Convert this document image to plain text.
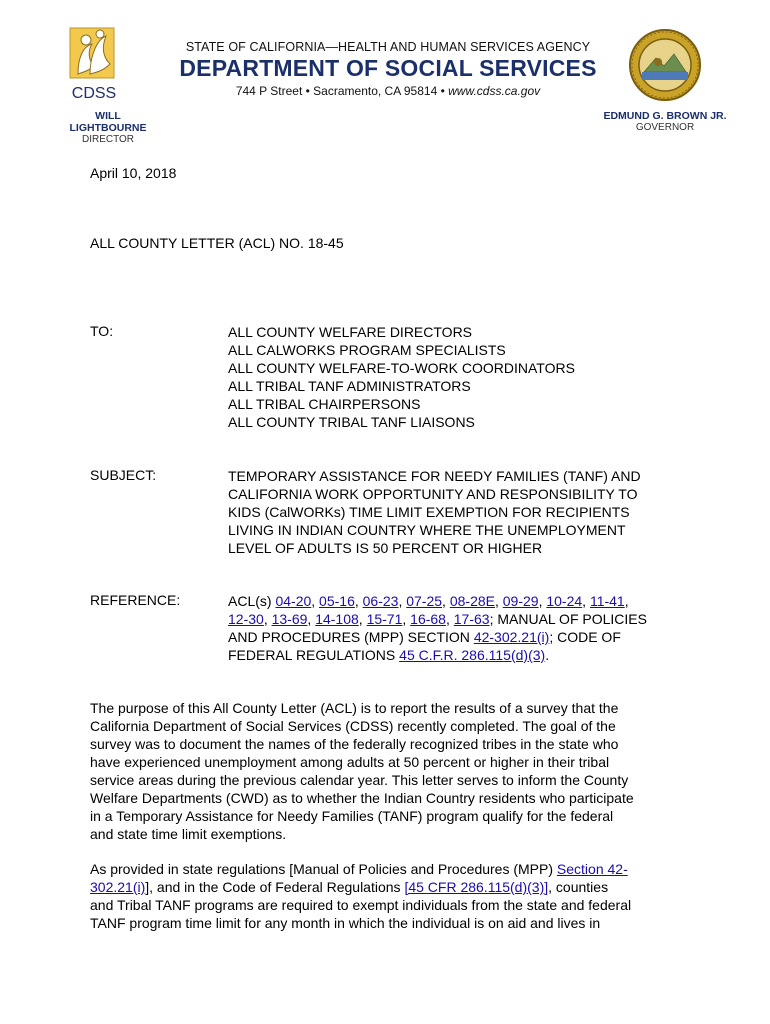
CDSS
STATE OF CALIFORNIA—HEALTH AND HUMAN SERVICES AGENCY
DEPARTMENT OF SOCIAL SERVICES
744 P Street • Sacramento, CA 95814 • www.cdss.ca.gov
WILL LIGHTBOURNE
DIRECTOR
EDMUND G. BROWN JR.
GOVERNOR
April 10, 2018
ALL COUNTY LETTER (ACL) NO. 18-45
TO:	ALL COUNTY WELFARE DIRECTORS
ALL CALWORKS PROGRAM SPECIALISTS
ALL COUNTY WELFARE-TO-WORK COORDINATORS
ALL TRIBAL TANF ADMINISTRATORS
ALL TRIBAL CHAIRPERSONS
ALL COUNTY TRIBAL TANF LIAISONS
SUBJECT:	TEMPORARY ASSISTANCE FOR NEEDY FAMILIES (TANF) AND
CALIFORNIA WORK OPPORTUNITY AND RESPONSIBILITY TO
KIDS (CalWORKs) TIME LIMIT EXEMPTION FOR RECIPIENTS
LIVING IN INDIAN COUNTRY WHERE THE UNEMPLOYMENT
LEVEL OF ADULTS IS 50 PERCENT OR HIGHER
REFERENCE:	ACL(s) 04-20, 05-16, 06-23, 07-25, 08-28E, 09-29, 10-24, 11-41,
12-30, 13-69, 14-108, 15-71, 16-68, 17-63; MANUAL OF POLICIES
AND PROCEDURES (MPP) SECTION 42-302.21(i); CODE OF
FEDERAL REGULATIONS 45 C.F.R. 286.115(d)(3).
The purpose of this All County Letter (ACL) is to report the results of a survey that the
California Department of Social Services (CDSS) recently completed. The goal of the
survey was to document the names of the federally recognized tribes in the state who
have experienced unemployment among adults at 50 percent or higher in their tribal
service areas during the previous calendar year. This letter serves to inform the County
Welfare Departments (CWD) as to whether the Indian Country residents who participate
in a Temporary Assistance for Needy Families (TANF) program qualify for the federal
and state time limit exemptions.
As provided in state regulations [Manual of Policies and Procedures (MPP) Section 42-
302.21(i)], and in the Code of Federal Regulations [45 CFR 286.115(d)(3)], counties
and Tribal TANF programs are required to exempt individuals from the state and federal
TANF program time limit for any month in which the individual is on aid and lives in
